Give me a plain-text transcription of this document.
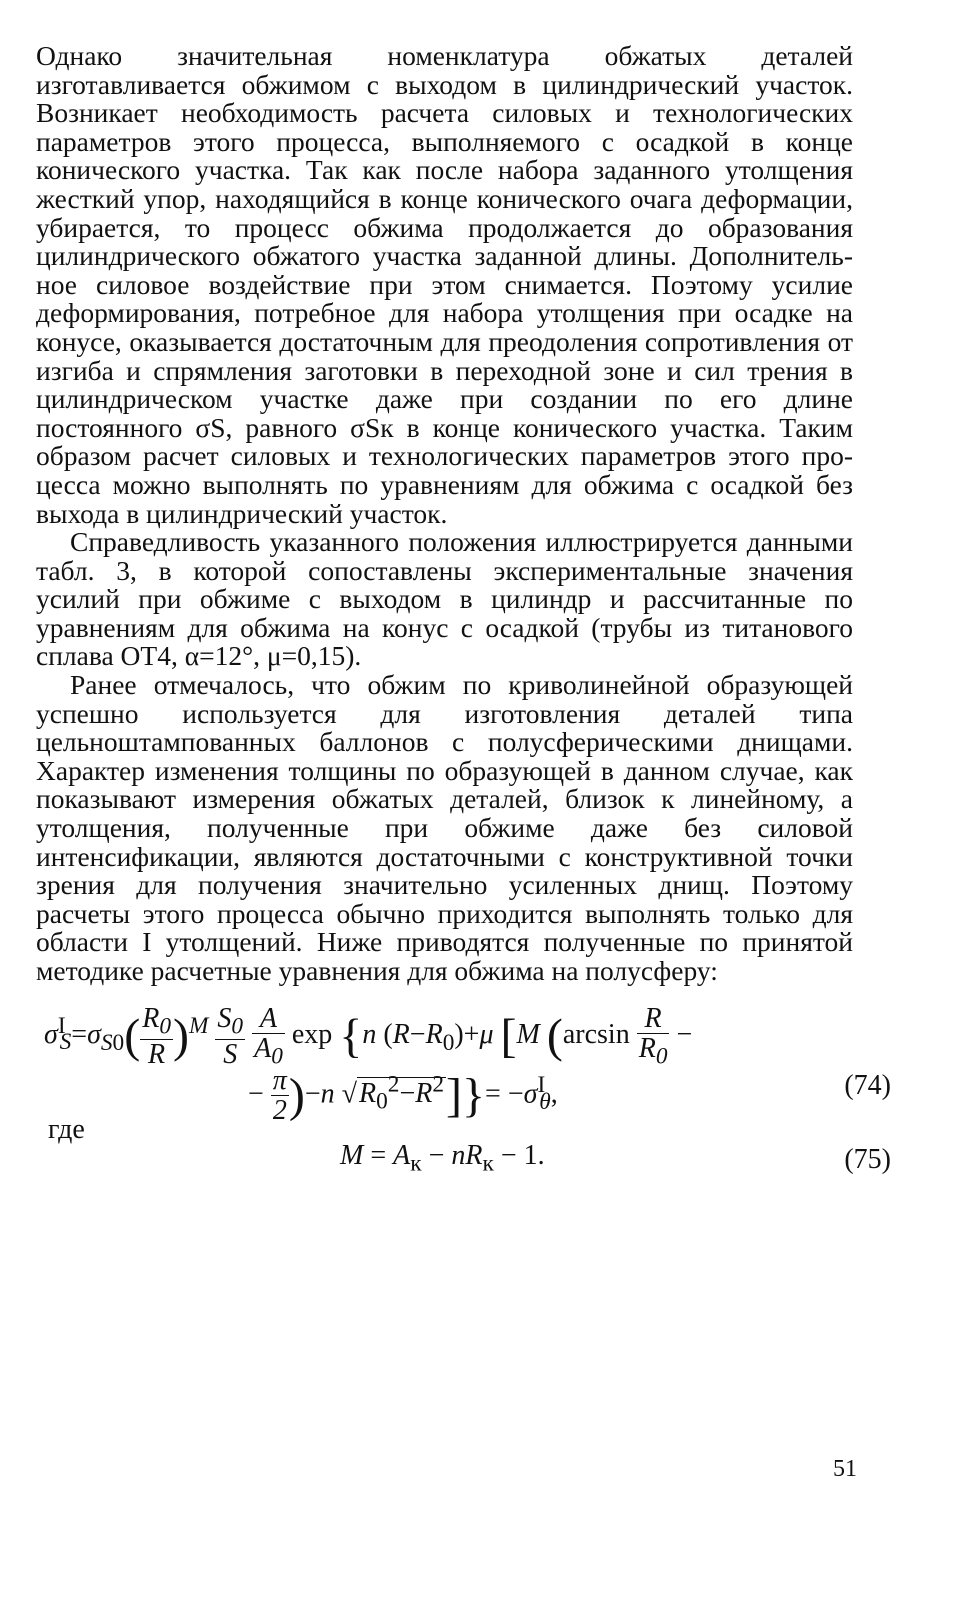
Однако значительная номенклатура обжатых деталей изготавливается обжимом с выходом в цилиндрический участок. Возникает необходимость расчета силовых и технологических параметров этого процесса, выполняемого с осадкой в конце конического участка. Так как после набора заданного утолщения жесткий упор, находящийся в конце конического очага деформации, убирается, то процесс обжима продолжается до образования цилиндрического обжатого участка заданной длины. Дополнительное силовое воздействие при этом снимается. Поэтому усилие деформирования, потребное для набора утолщения при осадке на конусе, оказывается достаточным для преодоления сопротивления от изгиба и спрямления заготовки в переходной зоне и сил трения в цилиндрическом участке даже при создании по его длине постоянного σS, равного σSк в конце конического участка. Таким образом расчет силовых и технологических параметров этого процесса можно выполнять по уравнениям для обжима с осадкой без выхода в цилиндрический участок.

Справедливость указанного положения иллюстрируется данными табл. 3, в которой сопоставлены экспериментальные значения усилий при обжиме с выходом в цилиндр и рассчитанные по уравнениям для обжима на конус с осадкой (трубы из титанового сплава ОТ4, α=12°, μ=0,15).

Ранее отмечалось, что обжим по криволинейной образующей успешно используется для изготовления деталей типа цельноштампованных баллонов с полусферическими днищами. Характер изменения толщины по образующей в данном случае, как показывают измерения обжатых деталей, близок к линейному, а утолщения, полученные при обжиме даже без силовой интенсификации, являются достаточными с конструктивной точки зрения для получения значительно усиленных днищ. Поэтому расчеты этого процесса обычно приходится выполнять только для области I утолщений. Ниже приводятся полученные по принятой методике расчетные уравнения для обжима на полусферу:

$\sigma^I_S=\sigma_{S0}( \frac{R_0}{R} )^M \frac{S_0}{S}$
$\frac{A}{A_0}$ exp {n $(R-R_0)+\mu$ [M ($\arcsin \frac{R}{R_0}$ −
− $\frac{\pi}{2} )-n$ $√R_0^2-R^2]\}= -\sigma^I_\theta$,	(74)
где
$M = A_к - nR_к - 1$.	(75)
51
